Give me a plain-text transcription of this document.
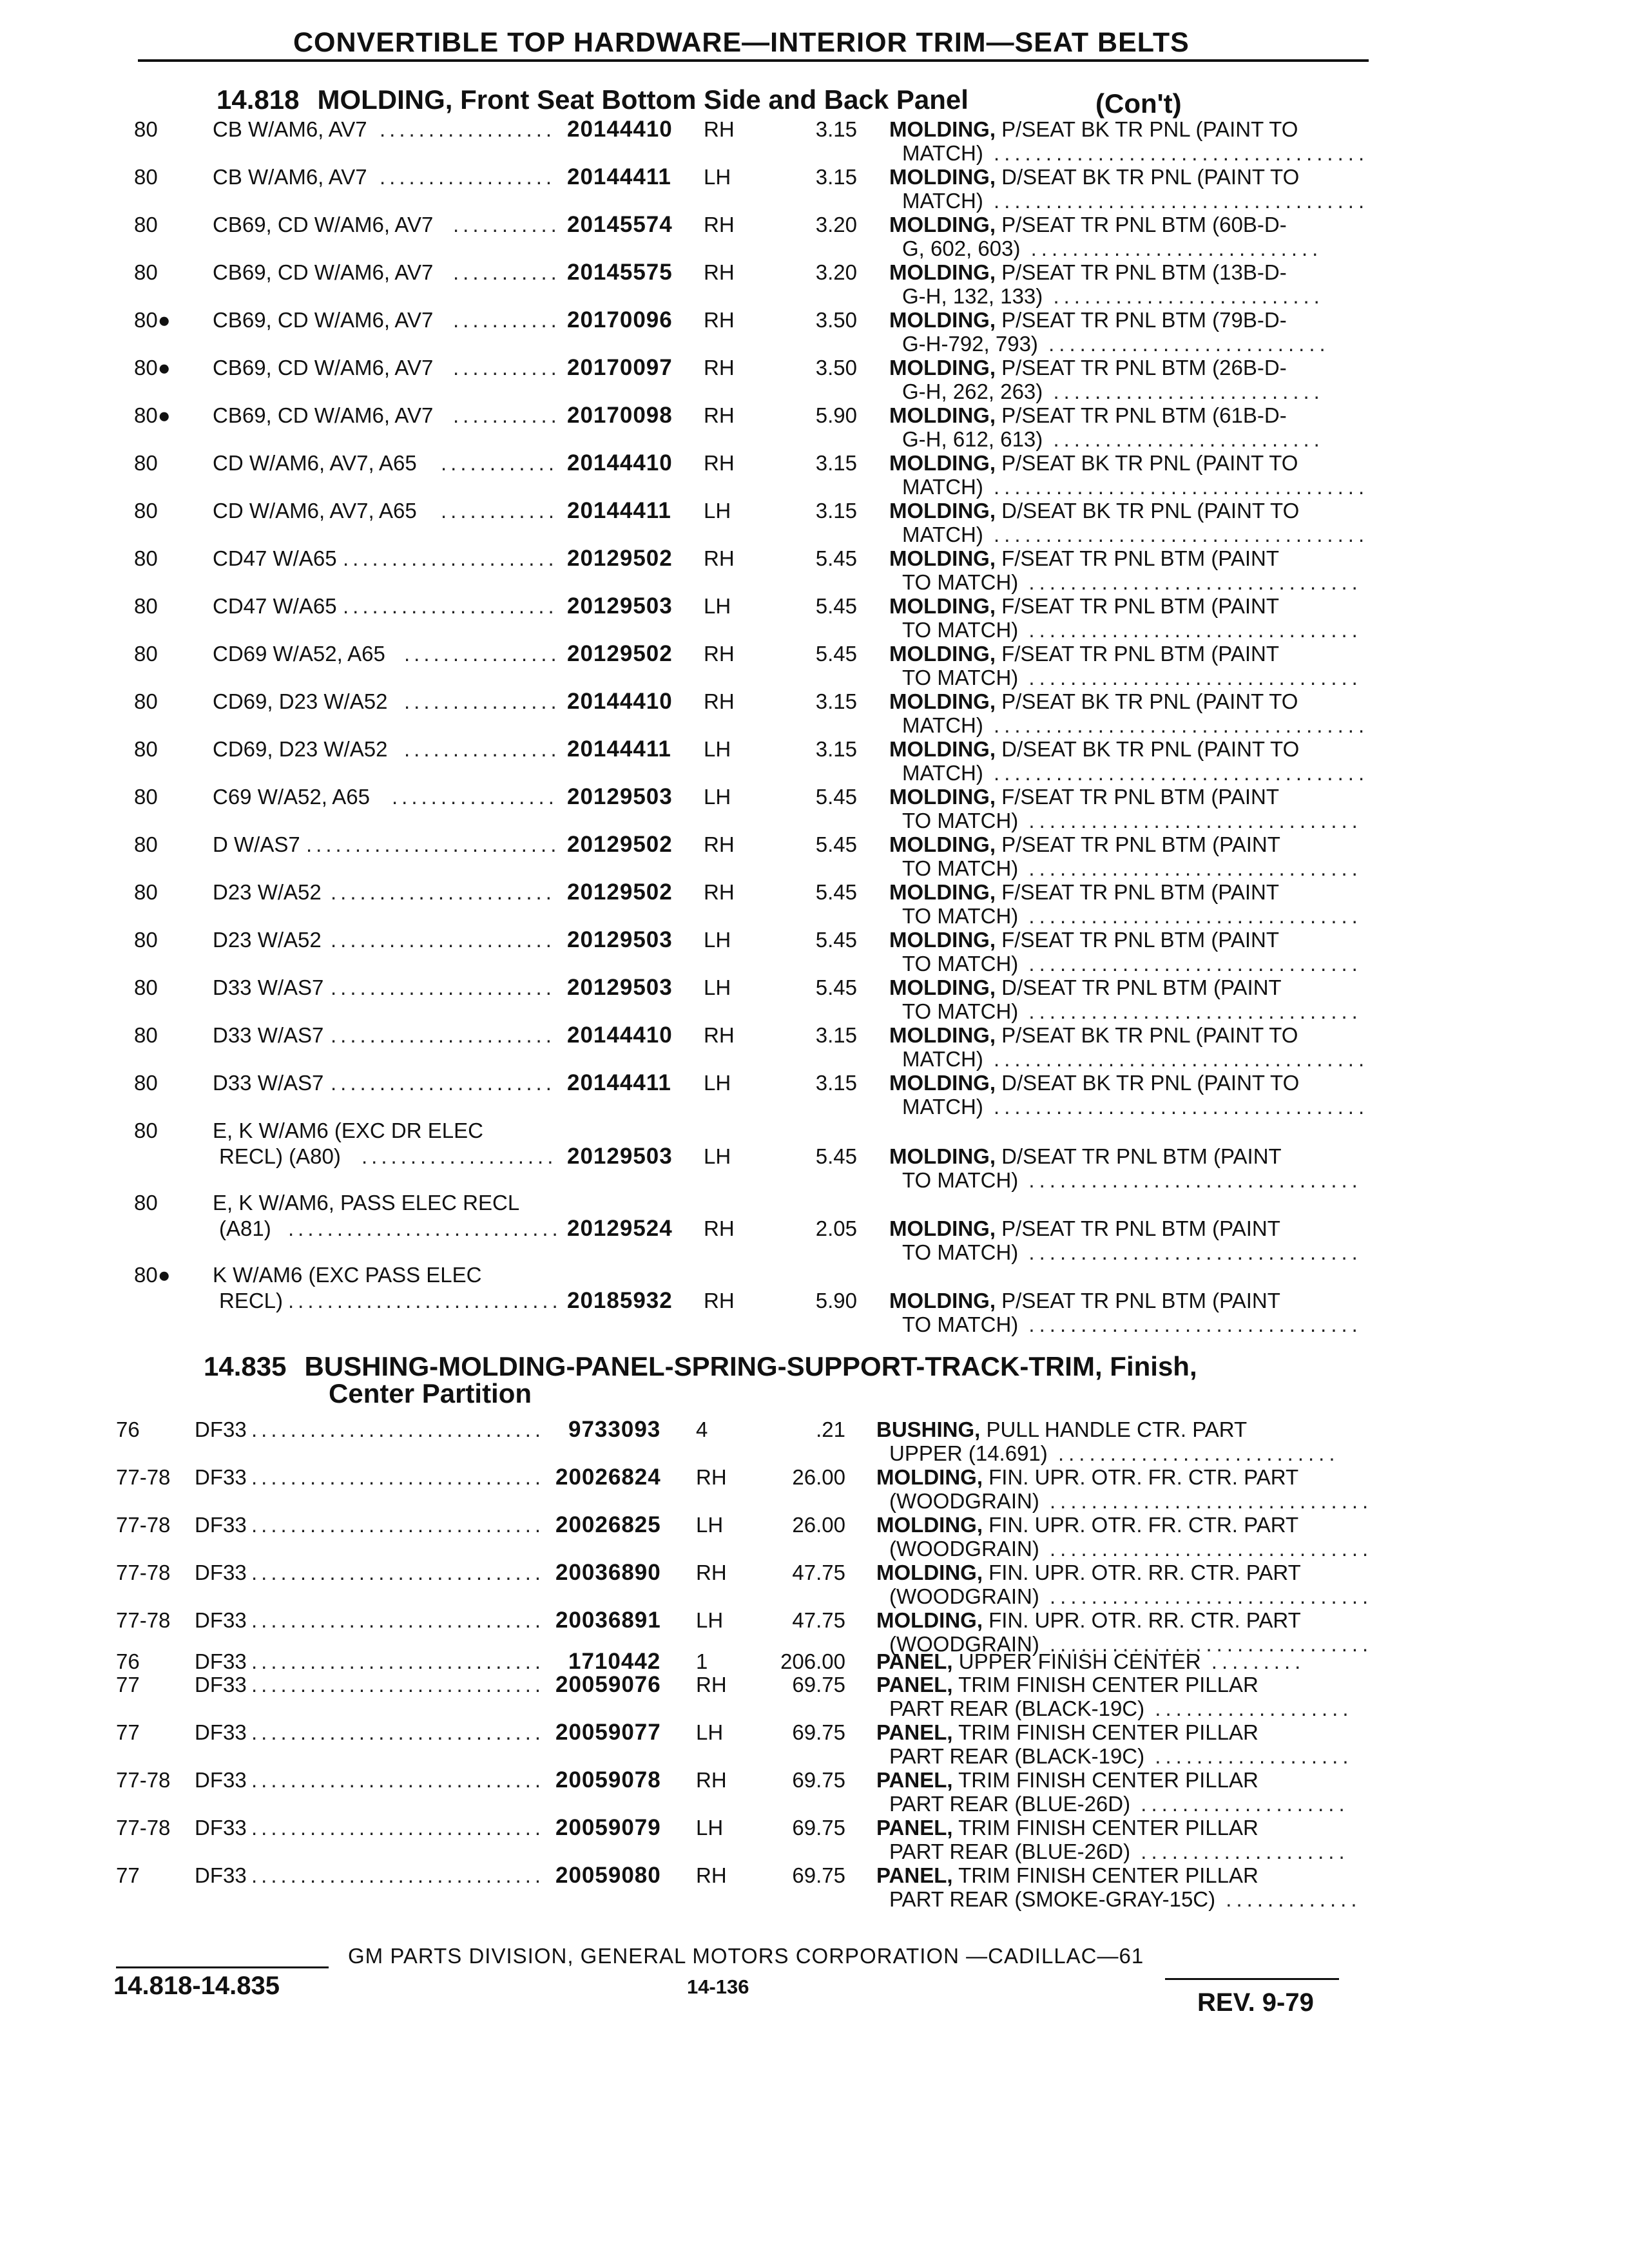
CONVERTIBLE TOP HARDWARE—INTERIOR TRIM—SEAT BELTS
14.818 MOLDING, Front Seat Bottom Side and Back Panel	(Con't)
80	CB W/AM6, AV7 .................. 20144410 RH	3.15 MOLDING, P/SEAT BK TR PNL (PAINT TO
MATCH) ....................................
80	CB W/AM6, AV7 .................. 20144411 LH	3.15 MOLDING, D/SEAT BK TR PNL (PAINT TO
MATCH) ....................................
80	CB69, CD W/AM6, AV7 ........... 20145574 RH	3.20 MOLDING, P/SEAT TR PNL BTM (60B-D-
G, 602, 603) ............................
80	CB69, CD W/AM6, AV7 ........... 20145575 RH	3.20 MOLDING, P/SEAT TR PNL BTM (13B-D-
G-H, 132, 133) ..........................
80● CB69, CD W/AM6, AV7 ........... 20170096 RH	3.50 MOLDING, P/SEAT TR PNL BTM (79B-D-
G-H-792, 793) ...........................
80● CB69, CD W/AM6, AV7 ........... 20170097 RH	3.50 MOLDING, P/SEAT TR PNL BTM (26B-D-
G-H, 262, 263) ..........................
80● CB69, CD W/AM6, AV7 ........... 20170098 RH	5.90 MOLDING, P/SEAT TR PNL BTM (61B-D-
G-H, 612, 613) ..........................
80	CD W/AM6, AV7, A65 ............ 20144410 RH	3.15 MOLDING, P/SEAT BK TR PNL (PAINT TO
MATCH) ....................................
80	CD W/AM6, AV7, A65 ............ 20144411 LH	3.15 MOLDING, D/SEAT BK TR PNL (PAINT TO
MATCH) ....................................
80	CD47 W/A65 ...................... 20129502 RH	5.45 MOLDING, F/SEAT TR PNL BTM (PAINT
TO MATCH) ................................
80	CD47 W/A65 ...................... 20129503 LH	5.45 MOLDING, F/SEAT TR PNL BTM (PAINT
TO MATCH) ................................
80	CD69 W/A52, A65 ................ 20129502 RH	5.45 MOLDING, F/SEAT TR PNL BTM (PAINT
TO MATCH) ................................
80	CD69, D23 W/A52 ................ 20144410 RH	3.15 MOLDING, P/SEAT BK TR PNL (PAINT TO
MATCH) ....................................
80	CD69, D23 W/A52 ................ 20144411 LH	3.15 MOLDING, D/SEAT BK TR PNL (PAINT TO
MATCH) ....................................
80	C69 W/A52, A65 ................. 20129503 LH	5.45 MOLDING, F/SEAT TR PNL BTM (PAINT
TO MATCH) ................................
80	D W/AS7 .......................... 20129502 RH	5.45 MOLDING, P/SEAT TR PNL BTM (PAINT
TO MATCH) ................................
80	D23 W/A52 ....................... 20129502 RH	5.45 MOLDING, F/SEAT TR PNL BTM (PAINT
TO MATCH) ................................
80	D23 W/A52 ....................... 20129503 LH	5.45 MOLDING, F/SEAT TR PNL BTM (PAINT
TO MATCH) ................................
80	D33 W/AS7 ....................... 20129503 LH	5.45 MOLDING, D/SEAT TR PNL BTM (PAINT
TO MATCH) ................................
80	D33 W/AS7 ....................... 20144410 RH	3.15 MOLDING, P/SEAT BK TR PNL (PAINT TO
MATCH) ....................................
80	D33 W/AS7 ....................... 20144411 LH	3.15 MOLDING, D/SEAT BK TR PNL (PAINT TO
MATCH) ....................................
80	E, K W/AM6 (EXC DR ELEC
RECL) (A80) .................... 20129503 LH	5.45 MOLDING, D/SEAT TR PNL BTM (PAINT
TO MATCH) ................................
80	E, K W/AM6, PASS ELEC RECL
(A81) ............................ 20129524 RH	2.05 MOLDING, P/SEAT TR PNL BTM (PAINT
TO MATCH) ................................
80● K W/AM6 (EXC PASS ELEC
RECL) ............................ 20185932 RH	5.90 MOLDING, P/SEAT TR PNL BTM (PAINT
TO MATCH) ................................
14.835 BUSHING-MOLDING-PANEL-SPRING-SUPPORT-TRACK-TRIM, Finish,
Center Partition
76	DF33 .............................. 9733093 4	.21 BUSHING, PULL HANDLE CTR. PART
UPPER (14.691) ...........................
77-78 DF33 .............................. 20026824 RH	26.00 MOLDING, FIN. UPR. OTR. FR. CTR. PART
(WOODGRAIN) ...............................
77-78 DF33 .............................. 20026825 LH	26.00 MOLDING, FIN. UPR. OTR. FR. CTR. PART
(WOODGRAIN) ...............................
77-78 DF33 .............................. 20036890 RH	47.75 MOLDING, FIN. UPR. OTR. RR. CTR. PART
(WOODGRAIN) ...............................
77-78 DF33 .............................. 20036891 LH	47.75 MOLDING, FIN. UPR. OTR. RR. CTR. PART
(WOODGRAIN) ...............................
76	DF33 .............................. 1710442 1	206.00 PANEL, UPPER FINISH CENTER .........
77	DF33 .............................. 20059076 RH	69.75 PANEL, TRIM FINISH CENTER PILLAR
PART REAR (BLACK-19C) ...................
77	DF33 .............................. 20059077 LH	69.75 PANEL, TRIM FINISH CENTER PILLAR
PART REAR (BLACK-19C) ...................
77-78 DF33 .............................. 20059078 RH	69.75 PANEL, TRIM FINISH CENTER PILLAR
PART REAR (BLUE-26D) ....................
77-78 DF33 .............................. 20059079 LH	69.75 PANEL, TRIM FINISH CENTER PILLAR
PART REAR (BLUE-26D) ....................
77	DF33 .............................. 20059080 RH	69.75 PANEL, TRIM FINISH CENTER PILLAR
PART REAR (SMOKE-GRAY-15C) .............
GM PARTS DIVISION, GENERAL MOTORS CORPORATION —CADILLAC—61
14.818-14.835	14-136
REV. 9-79
